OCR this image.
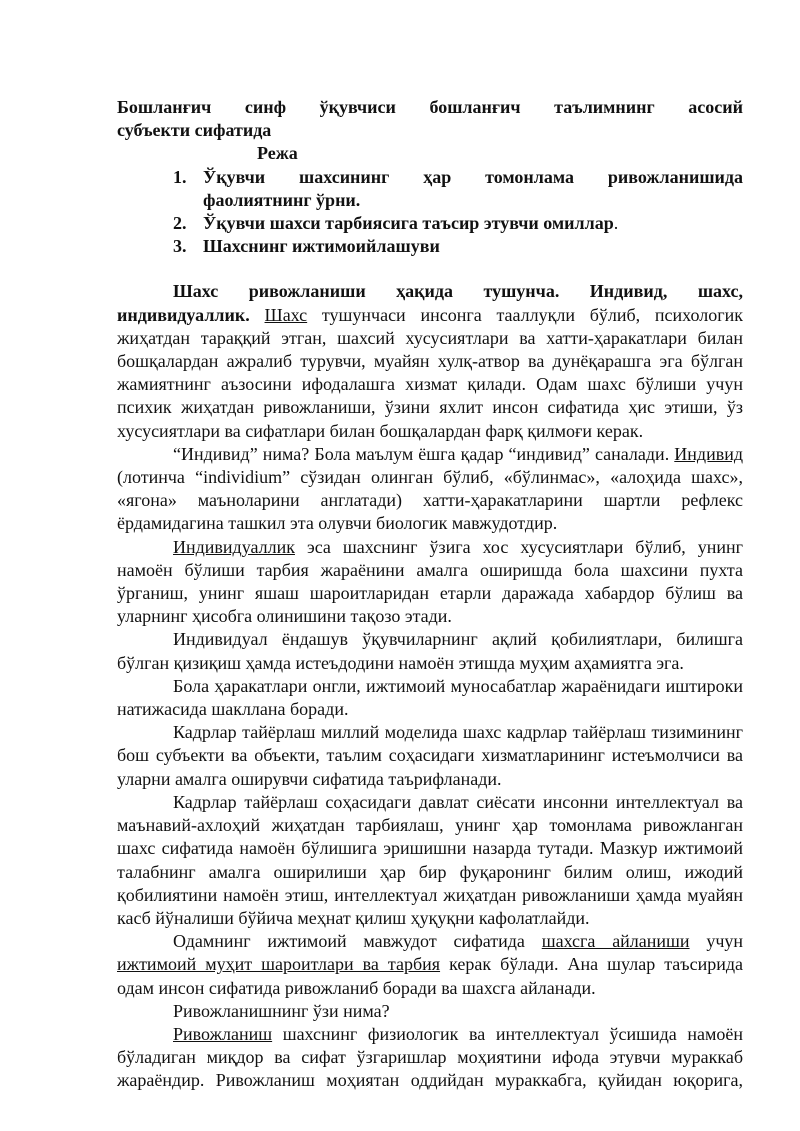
Бошланғич синф ўқувчиси бошланғич таълимнинг асосий
субъекти сифатида
Режа
1. Ўқувчи шахсининг ҳар томонлама ривожланишида
фаолиятнинг ўрни.
2. Ўқувчи шахси тарбиясига таъсир этувчи омиллар.
3. Шахснинг ижтимоийлашуви

Шахс ривожланиши ҳақида тушунча. Индивид, шахс, индивидуаллик. Шахс тушунчаси инсонга тааллуқли бўлиб, психологик жиҳатдан тараққий этган, шахсий хусусиятлари ва хатти-ҳаракатлари билан бошқалардан ажралиб турувчи, муайян хулқ-атвор ва дунёқарашга эга бўлган жамиятнинг аъзосини ифодалашга хизмат қилади. Одам шахс бўлиши учун психик жиҳатдан ривожланиши, ўзини яхлит инсон сифатида ҳис этиши, ўз хусусиятлари ва сифатлари билан бошқалардан фарқ қилмоғи керак.

“Индивид” нима? Бола маълум ёшга қадар “индивид” саналади. Индивид (лотинча “individium” сўзидан олинган бўлиб, «бўлинмас», «алоҳида шахс», «ягона» маъноларини англатади) хатти-ҳаракатларини шартли рефлекс ёрдамидагина ташкил эта олувчи биологик мавжудотдир.

Индивидуаллик эса шахснинг ўзига хос хусусиятлари бўлиб, унинг намоён бўлиши тарбия жараёнини амалга оширишда бола шахсини пухта ўрганиш, унинг яшаш шароитларидан етарли даражада хабардор бўлиш ва уларнинг ҳисобга олинишини тақозо этади.

Индивидуал ёндашув ўқувчиларнинг ақлий қобилиятлари, билишга бўлган қизиқиш ҳамда истеъдодини намоён этишда муҳим аҳамиятга эга.

Бола ҳаракатлари онгли, ижтимоий муносабатлар жараёнидаги иштироки натижасида шакллана боради.

Кадрлар тайёрлаш миллий моделида шахс кадрлар тайёрлаш тизимининг бош субъекти ва объекти, таълим соҳасидаги хизматларининг истеъмолчиси ва уларни амалга оширувчи сифатида таърифланади.

Кадрлар тайёрлаш соҳасидаги давлат сиёсати инсонни интеллектуал ва маънавий-ахлоҳий жиҳатдан тарбиялаш, унинг ҳар томонлама ривожланган шахс сифатида намоён бўлишига эришишни назарда тутади. Мазкур ижтимоий талабнинг амалга оширилиши ҳар бир фуқаронинг билим олиш, ижодий қобилиятини намоён этиш, интеллектуал жиҳатдан ривожланиши ҳамда муайян касб йўналиши бўйича меҳнат қилиш ҳуқуқни кафолатлайди.

Одамнинг ижтимоий мавжудот сифатида шахсга айланиши учун ижтимоий муҳит шароитлари ва тарбия керак бўлади. Ана шулар таъсирида одам инсон сифатида ривожланиб боради ва шахсга айланади.

Ривожланишнинг ўзи нима?

Ривожланиш шахснинг физиологик ва интеллектуал ўсишида намоён бўладиган миқдор ва сифат ўзгаришлар моҳиятини ифода этувчи мураккаб жараёндир. Ривожланиш моҳиятан оддийдан мураккабга, қуйидан юқорига,
